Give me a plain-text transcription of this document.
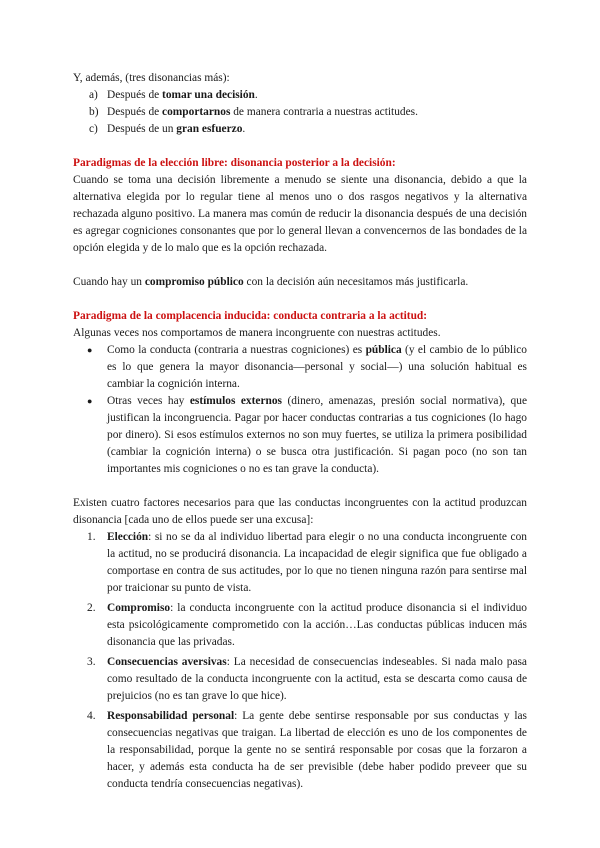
Y, además, (tres disonancias más):

a) Después de tomar una decisión.
b) Después de comportarnos de manera contraria a nuestras actitudes.
c) Después de un gran esfuerzo.

Paradigmas de la elección libre: disonancia posterior a la decisión:

Cuando se toma una decisión libremente a menudo se siente una disonancia, debido a que la alternativa elegida por lo regular tiene al menos uno o dos rasgos negativos y la alternativa rechazada alguno positivo. La manera mas común de reducir la disonancia después de una decisión es agregar cogniciones consonantes que por lo general llevan a convencernos de las bondades de la opción elegida y de lo malo que es la opción rechazada.

Cuando hay un compromiso público con la decisión aún necesitamos más justificarla.

Paradigma de la complacencia inducida: conducta contraria a la actitud:

Algunas veces nos comportamos de manera incongruente con nuestras actitudes.

● Como la conducta (contraria a nuestras cogniciones) es pública (y el cambio de lo público es lo que genera la mayor disonancia—personal y social—) una solución habitual es cambiar la cognición interna.
● Otras veces hay estímulos externos (dinero, amenazas, presión social normativa), que justifican la incongruencia. Pagar por hacer conductas contrarias a tus cogniciones (lo hago por dinero). Si esos estímulos externos no son muy fuertes, se utiliza la primera posibilidad (cambiar la cognición interna) o se busca otra justificación. Si pagan poco (no son tan importantes mis cogniciones o no es tan grave la conducta).

Existen cuatro factores necesarios para que las conductas incongruentes con la actitud produzcan disonancia [cada uno de ellos puede ser una excusa]:

1. Elección: si no se da al individuo libertad para elegir o no una conducta incongruente con la actitud, no se producirá disonancia. La incapacidad de elegir significa que fue obligado a comportase en contra de sus actitudes, por lo que no tienen ninguna razón para sentirse mal por traicionar su punto de vista.
2. Compromiso: la conducta incongruente con la actitud produce disonancia si el individuo esta psicológicamente comprometido con la acción…Las conductas públicas inducen más disonancia que las privadas.
3. Consecuencias aversivas: La necesidad de consecuencias indeseables. Si nada malo pasa como resultado de la conducta incongruente con la actitud, esta se descarta como causa de prejuicios (no es tan grave lo que hice).
4. Responsabilidad personal: La gente debe sentirse responsable por sus conductas y las consecuencias negativas que traigan. La libertad de elección es uno de los componentes de la responsabilidad, porque la gente no se sentirá responsable por cosas que la forzaron a hacer, y además esta conducta ha de ser previsible (debe haber podido preveer que su conducta tendría consecuencias negativas).
